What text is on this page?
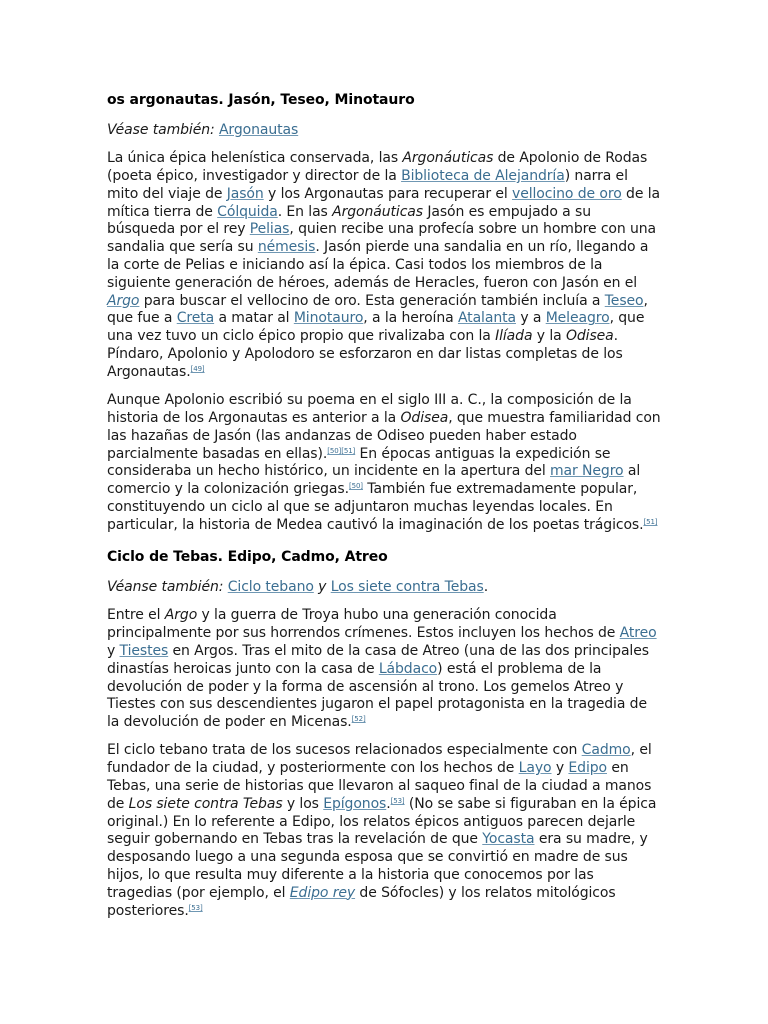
os argonautas. Jasón, Teseo, Minotauro
Véase también: Argonautas

La única épica helenística conservada, las Argonáuticas de Apolonio de Rodas (poeta épico, investigador y director de la Biblioteca de Alejandría) narra el mito del viaje de Jasón y los Argonautas para recuperar el vellocino de oro de la mítica tierra de Cólquida. En las Argonáuticas Jasón es empujado a su búsqueda por el rey Pelias, quien recibe una profecía sobre un hombre con una sandalia que sería su némesis. Jasón pierde una sandalia en un río, llegando a la corte de Pelias e iniciando así la épica. Casi todos los miembros de la siguiente generación de héroes, además de Heracles, fueron con Jasón en el Argo para buscar el vellocino de oro. Esta generación también incluía a Teseo, que fue a Creta a matar al Minotauro, a la heroína Atalanta y a Meleagro, que una vez tuvo un ciclo épico propio que rivalizaba con la Ilíada y la Odisea. Píndaro, Apolonio y Apolodoro se esforzaron en dar listas completas de los Argonautas.[49]

Aunque Apolonio escribió su poema en el siglo III a. C., la composición de la historia de los Argonautas es anterior a la Odisea, que muestra familiaridad con las hazañas de Jasón (las andanzas de Odiseo pueden haber estado parcialmente basadas en ellas).[50][51] En épocas antiguas la expedición se consideraba un hecho histórico, un incidente en la apertura del mar Negro al comercio y la colonización griegas.[50] También fue extremadamente popular, constituyendo un ciclo al que se adjuntaron muchas leyendas locales. En particular, la historia de Medea cautivó la imaginación de los poetas trágicos.[51]

Ciclo de Tebas. Edipo, Cadmo, Atreo
Véanse también: Ciclo tebano y Los siete contra Tebas.

Entre el Argo y la guerra de Troya hubo una generación conocida principalmente por sus horrendos crímenes. Estos incluyen los hechos de Atreo y Tiestes en Argos. Tras el mito de la casa de Atreo (una de las dos principales dinastías heroicas junto con la casa de Lábdaco) está el problema de la devolución de poder y la forma de ascensión al trono. Los gemelos Atreo y Tiestes con sus descendientes jugaron el papel protagonista en la tragedia de la devolución de poder en Micenas.[52]

El ciclo tebano trata de los sucesos relacionados especialmente con Cadmo, el fundador de la ciudad, y posteriormente con los hechos de Layo y Edipo en Tebas, una serie de historias que llevaron al saqueo final de la ciudad a manos de Los siete contra Tebas y los Epígonos.[53] (No se sabe si figuraban en la épica original.) En lo referente a Edipo, los relatos épicos antiguos parecen dejarle seguir gobernando en Tebas tras la revelación de que Yocasta era su madre, y desposando luego a una segunda esposa que se convirtió en madre de sus hijos, lo que resulta muy diferente a la historia que conocemos por las tragedias (por ejemplo, el Edipo rey de Sófocles) y los relatos mitológicos posteriores.[53]
